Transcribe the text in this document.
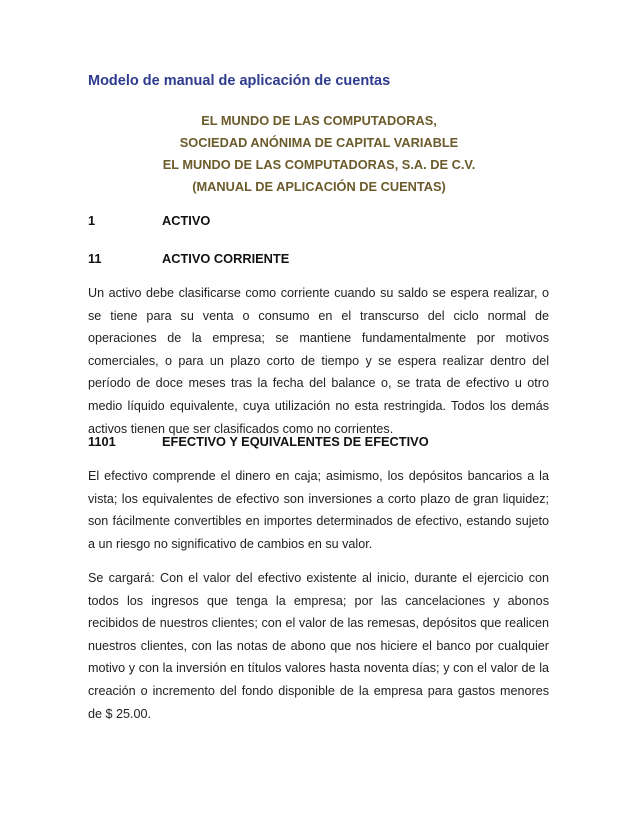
Modelo de manual de aplicación de cuentas
EL MUNDO DE LAS COMPUTADORAS,
SOCIEDAD ANÓNIMA DE CAPITAL VARIABLE
EL MUNDO DE LAS COMPUTADORAS, S.A. DE C.V.
(MANUAL DE APLICACIÓN DE CUENTAS)
1	ACTIVO
11	ACTIVO CORRIENTE
Un activo debe clasificarse como corriente cuando su saldo se espera realizar, o se tiene para su venta o consumo en el transcurso del ciclo normal de operaciones de la empresa; se mantiene fundamentalmente por motivos comerciales, o para un plazo corto de tiempo y se espera realizar dentro del período de doce meses tras la fecha del balance o, se trata de efectivo u otro medio líquido equivalente, cuya utilización no esta restringida. Todos los demás activos tienen que ser clasificados como no corrientes.
1101	EFECTIVO Y EQUIVALENTES DE EFECTIVO
El efectivo comprende el dinero en caja; asimismo, los depósitos bancarios a la vista; los equivalentes de efectivo son inversiones a corto plazo de gran liquidez; son fácilmente convertibles en importes determinados de efectivo, estando sujeto a un riesgo no significativo de cambios en su valor.
Se cargará: Con el valor del efectivo existente al inicio, durante el ejercicio con todos los ingresos que tenga la empresa; por las cancelaciones y abonos recibidos de nuestros clientes; con el valor de las remesas, depósitos que realicen nuestros clientes, con las notas de abono que nos hiciere el banco por cualquier motivo y con la inversión en títulos valores hasta noventa días; y con el valor de la creación o incremento del fondo disponible de la empresa para gastos menores de $ 25.00.
